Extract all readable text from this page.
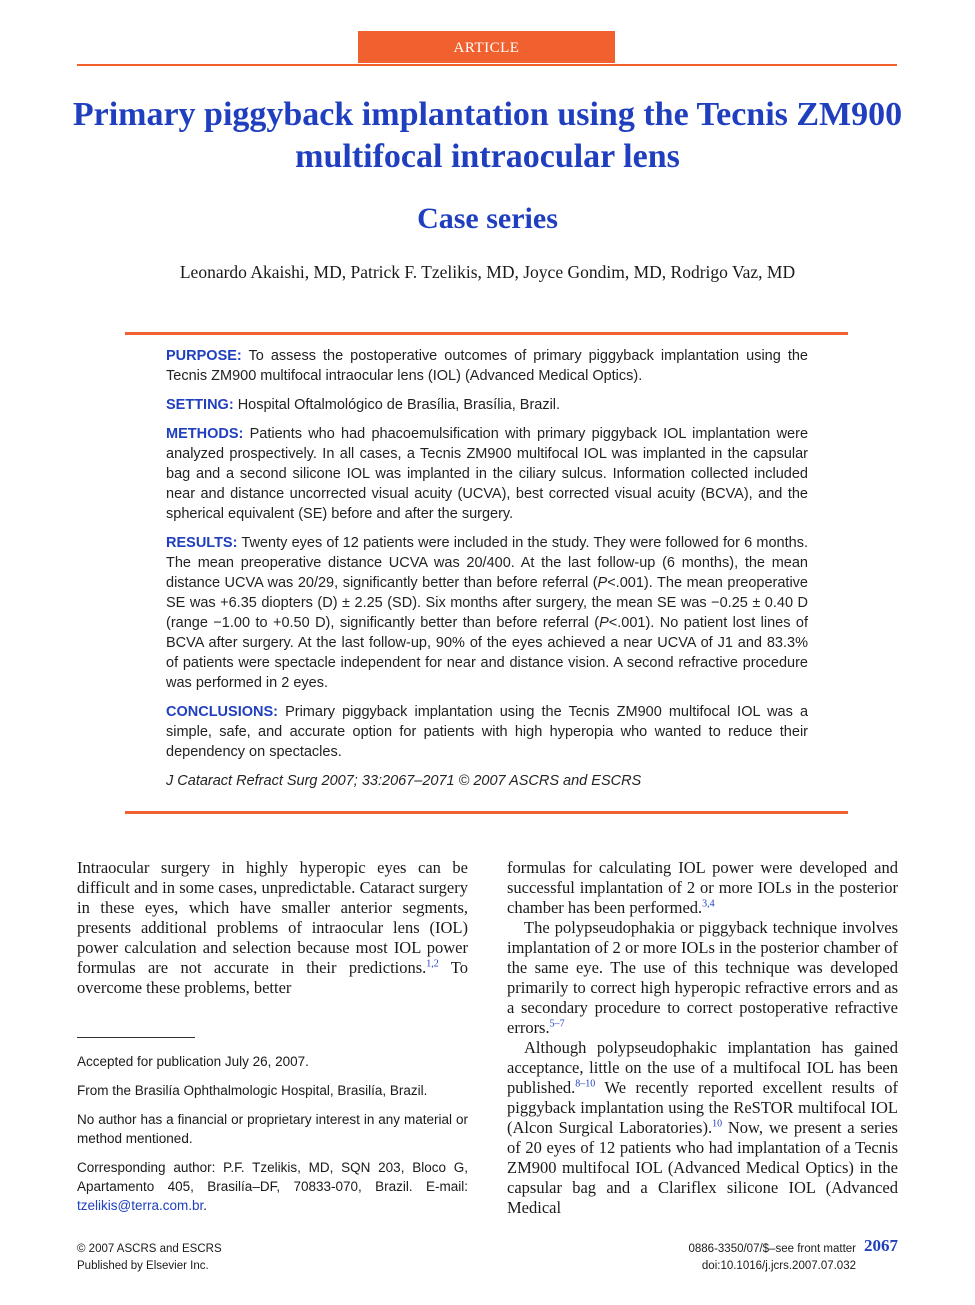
ARTICLE
Primary piggyback implantation using the Tecnis ZM900 multifocal intraocular lens
Case series
Leonardo Akaishi, MD, Patrick F. Tzelikis, MD, Joyce Gondim, MD, Rodrigo Vaz, MD

PURPOSE: To assess the postoperative outcomes of primary piggyback implantation using the Tecnis ZM900 multifocal intraocular lens (IOL) (Advanced Medical Optics).

SETTING: Hospital Oftalmológico de Brasília, Brasília, Brazil.

METHODS: Patients who had phacoemulsification with primary piggyback IOL implantation were analyzed prospectively. In all cases, a Tecnis ZM900 multifocal IOL was implanted in the capsular bag and a second silicone IOL was implanted in the ciliary sulcus. Information collected included near and distance uncorrected visual acuity (UCVA), best corrected visual acuity (BCVA), and the spherical equivalent (SE) before and after the surgery.

RESULTS: Twenty eyes of 12 patients were included in the study. They were followed for 6 months. The mean preoperative distance UCVA was 20/400. At the last follow-up (6 months), the mean distance UCVA was 20/29, significantly better than before referral (P<.001). The mean preoperative SE was +6.35 diopters (D) ± 2.25 (SD). Six months after surgery, the mean SE was −0.25 ± 0.40 D (range −1.00 to +0.50 D), significantly better than before referral (P<.001). No patient lost lines of BCVA after surgery. At the last follow-up, 90% of the eyes achieved a near UCVA of J1 and 83.3% of patients were spectacle independent for near and distance vision. A second refractive procedure was performed in 2 eyes.

CONCLUSIONS: Primary piggyback implantation using the Tecnis ZM900 multifocal IOL was a simple, safe, and accurate option for patients with high hyperopia who wanted to reduce their dependency on spectacles.

J Cataract Refract Surg 2007; 33:2067–2071 © 2007 ASCRS and ESCRS

Intraocular surgery in highly hyperopic eyes can be difficult and in some cases, unpredictable. Cataract surgery in these eyes, which have smaller anterior segments, presents additional problems of intraocular lens (IOL) power calculation and selection because most IOL power formulas are not accurate in their predictions.$^{1,2}$ To overcome these problems, better

formulas for calculating IOL power were developed and successful implantation of 2 or more IOLs in the posterior chamber has been performed.$^{3,4}$

The polypseudophakia or piggyback technique involves implantation of 2 or more IOLs in the posterior chamber of the same eye. The use of this technique was developed primarily to correct high hyperopic refractive errors and as a secondary procedure to correct postoperative refractive errors.$^{5-7}$

Although polypseudophakic implantation has gained acceptance, little on the use of a multifocal IOL has been published.$^{8-10}$ We recently reported excellent results of piggyback implantation using the ReSTOR multifocal IOL (Alcon Surgical Laboratories).$^{10}$ Now, we present a series of 20 eyes of 12 patients who had implantation of a Tecnis ZM900 multifocal IOL (Advanced Medical Optics) in the capsular bag and a Clariflex silicone IOL (Advanced Medical

Accepted for publication July 26, 2007.

From the Brasilía Ophthalmologic Hospital, Brasilía, Brazil.

No author has a financial or proprietary interest in any material or method mentioned.

Corresponding author: P.F. Tzelikis, MD, SQN 203, Bloco G, Apartamento 405, Brasilía–DF, 70833-070, Brazil. E-mail: tzelikis@terra.com.br.

© 2007 ASCRS and ESCRS
Published by Elsevier Inc.
0886-3350/07/$–see front matter
doi:10.1016/j.jcrs.2007.07.032
2067
